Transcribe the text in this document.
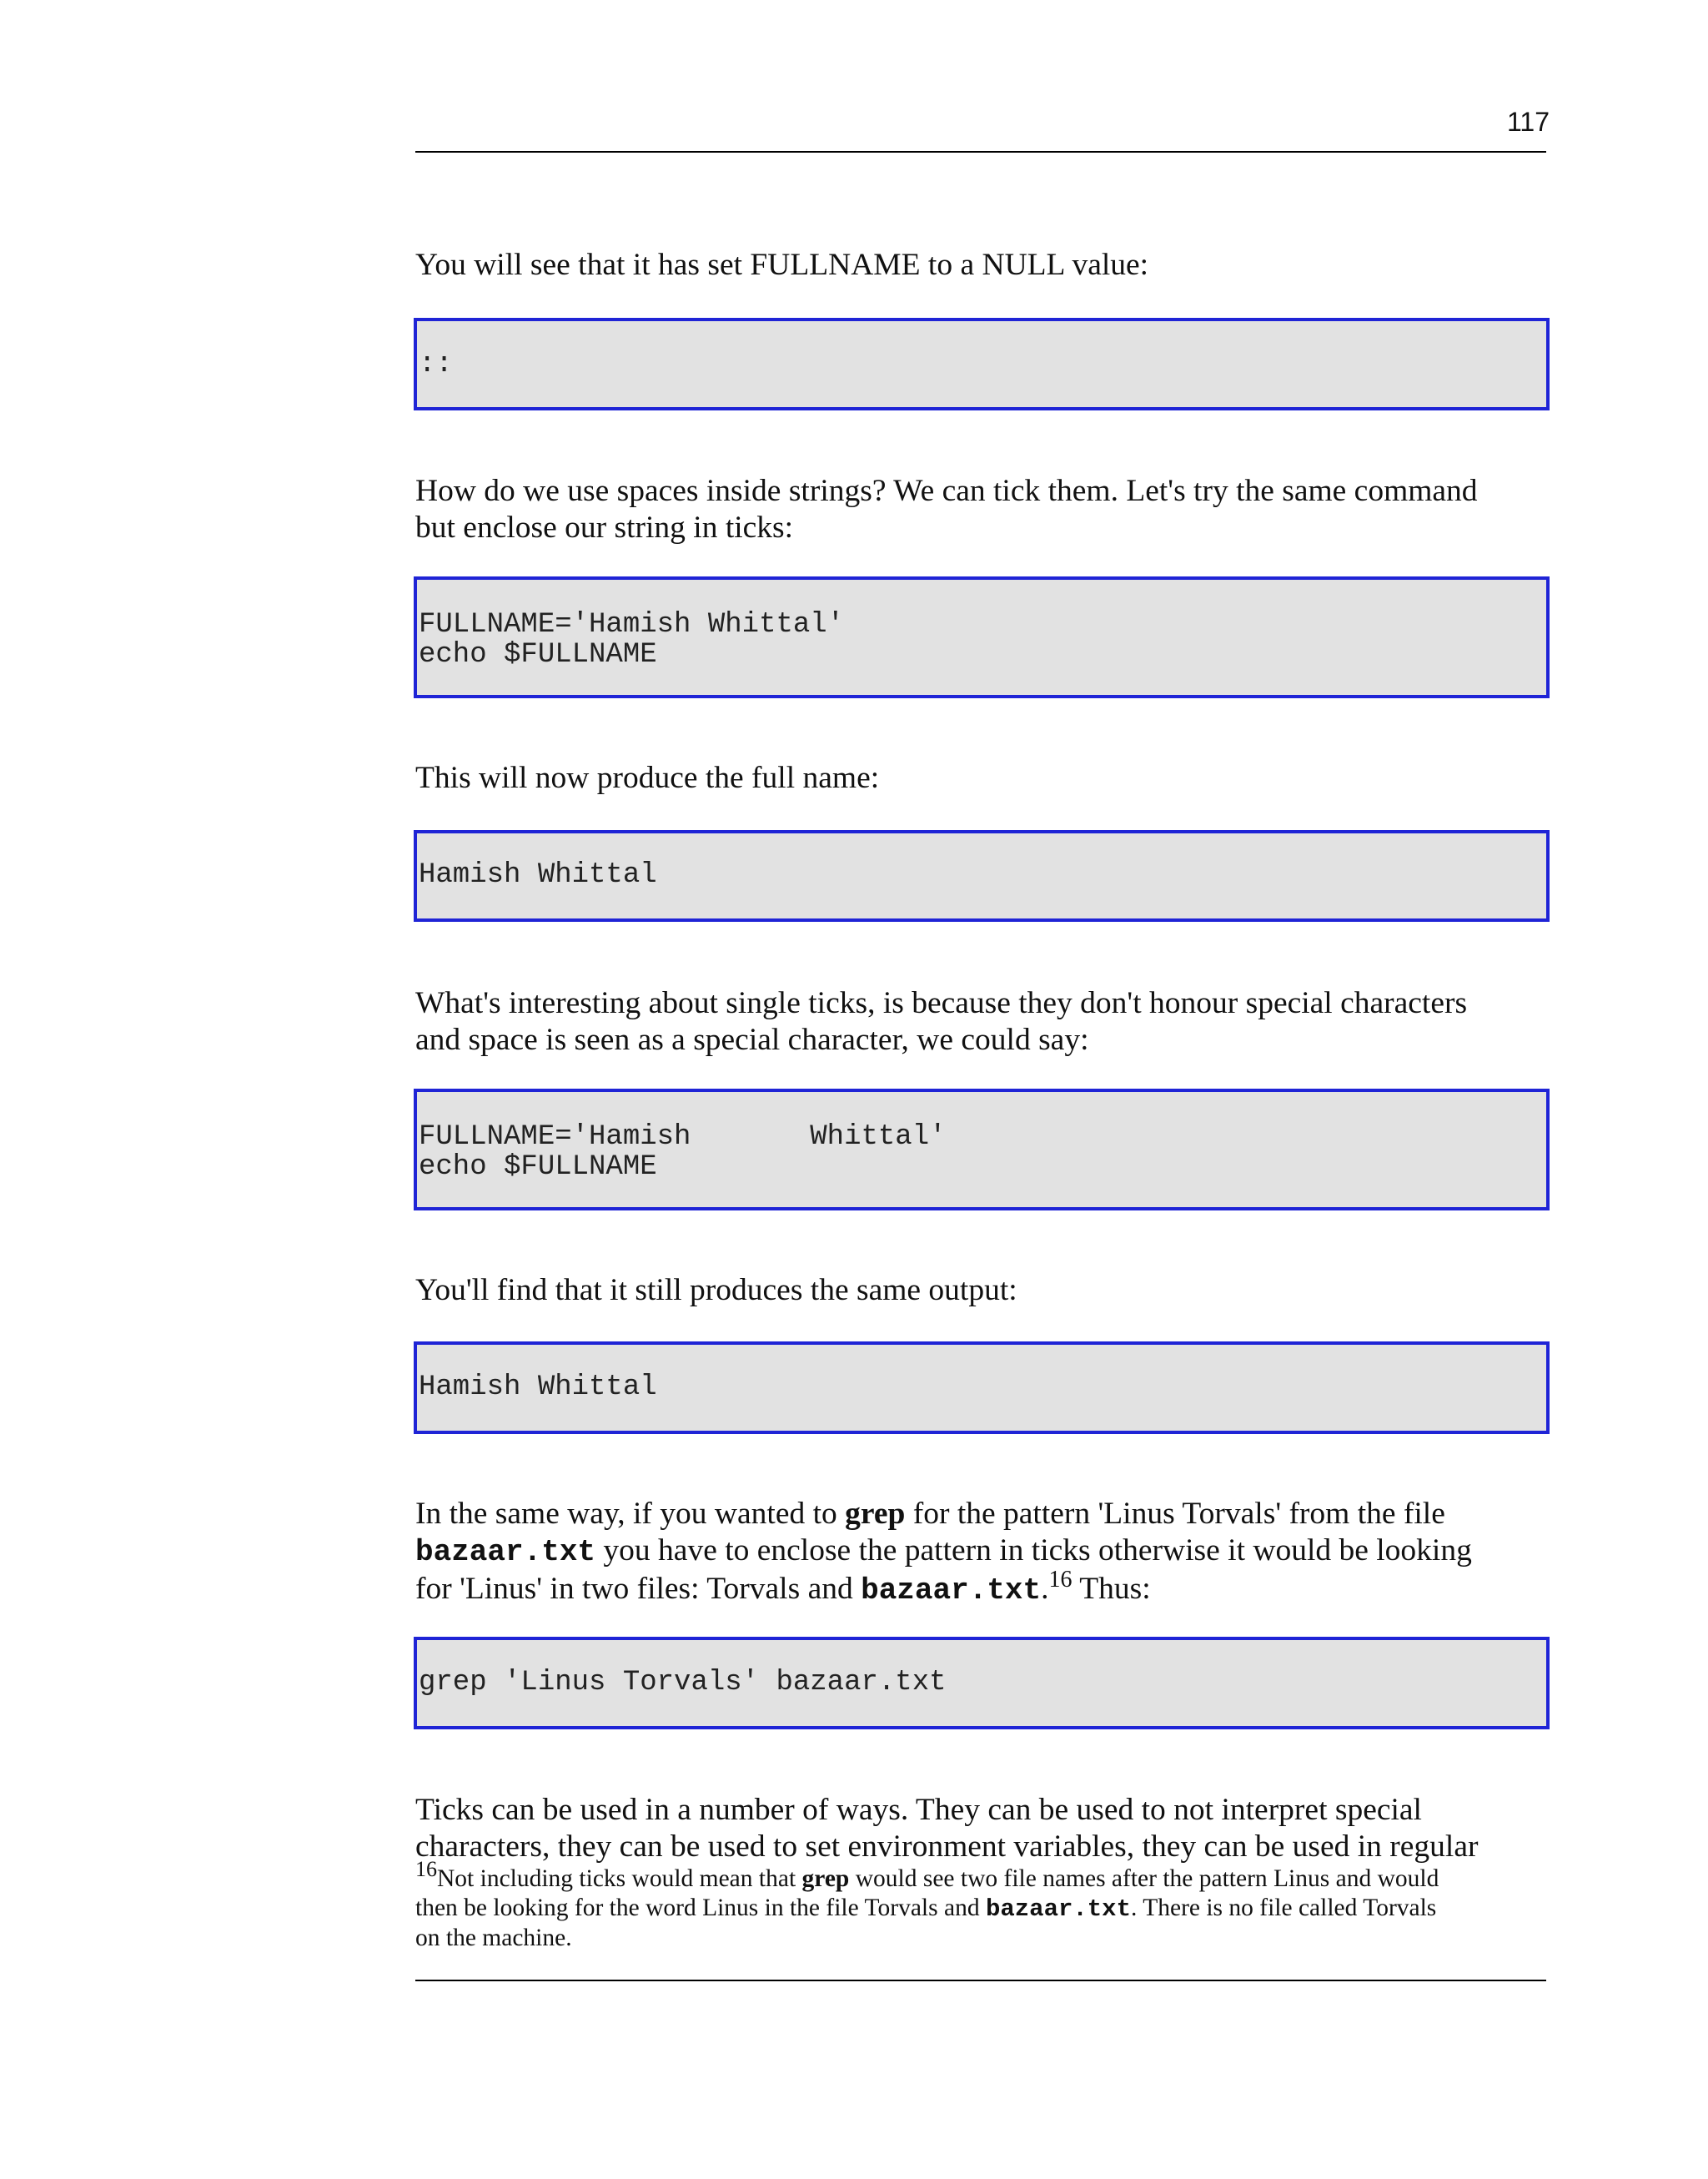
117

You will see that it has set FULLNAME to a NULL value:

::

How do we use spaces inside strings? We can tick them. Let's try the same command
but enclose our string in ticks:

FULLNAME='Hamish Whittal'
echo $FULLNAME

This will now produce the full name:

Hamish Whittal

What's interesting about single ticks, is because they don't honour special characters
and space is seen as a special character, we could say:

FULLNAME='Hamish       Whittal'
echo $FULLNAME

You'll find that it still produces the same output:

Hamish Whittal

In the same way, if you wanted to grep for the pattern 'Linus Torvals' from the file
bazaar.txt you have to enclose the pattern in ticks otherwise it would be looking
for 'Linus' in two files: Torvals and bazaar.txt.$^{16}$ Thus:

grep 'Linus Torvals' bazaar.txt

Ticks can be used in a number of ways. They can be used to not interpret special
characters, they can be used to set environment variables, they can be used in regular

$^{16}$Not including ticks would mean that grep would see two file names after the pattern Linus and would
then be looking for the word Linus in the file Torvals and bazaar.txt. There is no file called Torvals
on the machine.
